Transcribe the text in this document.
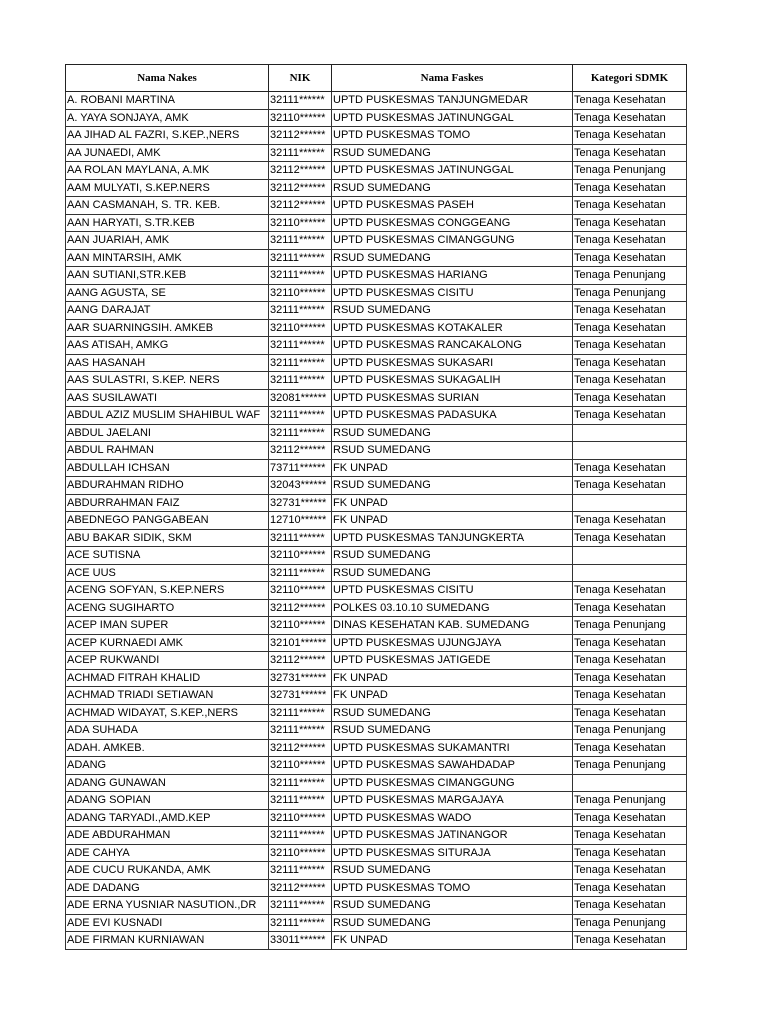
Nama Nakes	NIK	Nama Faskes	Kategori SDMK
A. ROBANI MARTINA	32111******	UPTD PUSKESMAS TANJUNGMEDAR	Tenaga Kesehatan
A. YAYA SONJAYA, AMK	32110******	UPTD PUSKESMAS JATINUNGGAL	Tenaga Kesehatan
AA JIHAD AL FAZRI, S.KEP.,NERS	32112******	UPTD PUSKESMAS TOMO	Tenaga Kesehatan
AA JUNAEDI, AMK	32111******	RSUD SUMEDANG	Tenaga Kesehatan
AA ROLAN MAYLANA, A.MK	32112******	UPTD PUSKESMAS JATINUNGGAL	Tenaga Penunjang
AAM MULYATI, S.KEP.NERS	32112******	RSUD SUMEDANG	Tenaga Kesehatan
AAN CASMANAH, S. TR. KEB.	32112******	UPTD PUSKESMAS PASEH	Tenaga Kesehatan
AAN HARYATI, S.TR.KEB	32110******	UPTD PUSKESMAS CONGGEANG	Tenaga Kesehatan
AAN JUARIAH, AMK	32111******	UPTD PUSKESMAS CIMANGGUNG	Tenaga Kesehatan
AAN MINTARSIH, AMK	32111******	RSUD SUMEDANG	Tenaga Kesehatan
AAN SUTIANI,STR.KEB	32111******	UPTD PUSKESMAS HARIANG	Tenaga Penunjang
AANG AGUSTA, SE	32110******	UPTD PUSKESMAS CISITU	Tenaga Penunjang
AANG DARAJAT	32111******	RSUD SUMEDANG	Tenaga Kesehatan
AAR SUARNINGSIH. AMKEB	32110******	UPTD PUSKESMAS KOTAKALER	Tenaga Kesehatan
AAS ATISAH, AMKG	32111******	UPTD PUSKESMAS RANCAKALONG	Tenaga Kesehatan
AAS HASANAH	32111******	UPTD PUSKESMAS SUKASARI	Tenaga Kesehatan
AAS SULASTRI, S.KEP. NERS	32111******	UPTD PUSKESMAS SUKAGALIH	Tenaga Kesehatan
AAS SUSILAWATI	32081******	UPTD PUSKESMAS SURIAN	Tenaga Kesehatan
ABDUL AZIZ MUSLIM SHAHIBUL WAF	32111******	UPTD PUSKESMAS PADASUKA	Tenaga Kesehatan
ABDUL JAELANI	32111******	RSUD SUMEDANG	
ABDUL RAHMAN	32112******	RSUD SUMEDANG	
ABDULLAH ICHSAN	73711******	FK UNPAD	Tenaga Kesehatan
ABDURAHMAN RIDHO	32043******	RSUD SUMEDANG	Tenaga Kesehatan
ABDURRAHMAN FAIZ	32731******	FK UNPAD	
ABEDNEGO PANGGABEAN	12710******	FK UNPAD	Tenaga Kesehatan
ABU BAKAR SIDIK, SKM	32111******	UPTD PUSKESMAS TANJUNGKERTA	Tenaga Kesehatan
ACE SUTISNA	32110******	RSUD SUMEDANG	
ACE UUS	32111******	RSUD SUMEDANG	
ACENG SOFYAN, S.KEP.NERS	32110******	UPTD PUSKESMAS CISITU	Tenaga Kesehatan
ACENG SUGIHARTO	32112******	POLKES 03.10.10 SUMEDANG	Tenaga Kesehatan
ACEP IMAN SUPER	32110******	DINAS KESEHATAN KAB. SUMEDANG	Tenaga Penunjang
ACEP KURNAEDI AMK	32101******	UPTD PUSKESMAS UJUNGJAYA	Tenaga Kesehatan
ACEP RUKWANDI	32112******	UPTD PUSKESMAS JATIGEDE	Tenaga Kesehatan
ACHMAD FITRAH KHALID	32731******	FK UNPAD	Tenaga Kesehatan
ACHMAD TRIADI SETIAWAN	32731******	FK UNPAD	Tenaga Kesehatan
ACHMAD WIDAYAT, S.KEP.,NERS	32111******	RSUD SUMEDANG	Tenaga Kesehatan
ADA SUHADA	32111******	RSUD SUMEDANG	Tenaga Penunjang
ADAH. AMKEB.	32112******	UPTD PUSKESMAS SUKAMANTRI	Tenaga Kesehatan
ADANG	32110******	UPTD PUSKESMAS SAWAHDADAP	Tenaga Penunjang
ADANG GUNAWAN	32111******	UPTD PUSKESMAS CIMANGGUNG	
ADANG SOPIAN	32111******	UPTD PUSKESMAS MARGAJAYA	Tenaga Penunjang
ADANG TARYADI.,AMD.KEP	32110******	UPTD PUSKESMAS WADO	Tenaga Kesehatan
ADE ABDURAHMAN	32111******	UPTD PUSKESMAS JATINANGOR	Tenaga Kesehatan
ADE CAHYA	32110******	UPTD PUSKESMAS SITURAJA	Tenaga Kesehatan
ADE CUCU RUKANDA, AMK	32111******	RSUD SUMEDANG	Tenaga Kesehatan
ADE DADANG	32112******	UPTD PUSKESMAS TOMO	Tenaga Kesehatan
ADE ERNA YUSNIAR NASUTION.,DR	32111******	RSUD SUMEDANG	Tenaga Kesehatan
ADE EVI KUSNADI	32111******	RSUD SUMEDANG	Tenaga Penunjang
ADE FIRMAN KURNIAWAN	33011******	FK UNPAD	Tenaga Kesehatan
